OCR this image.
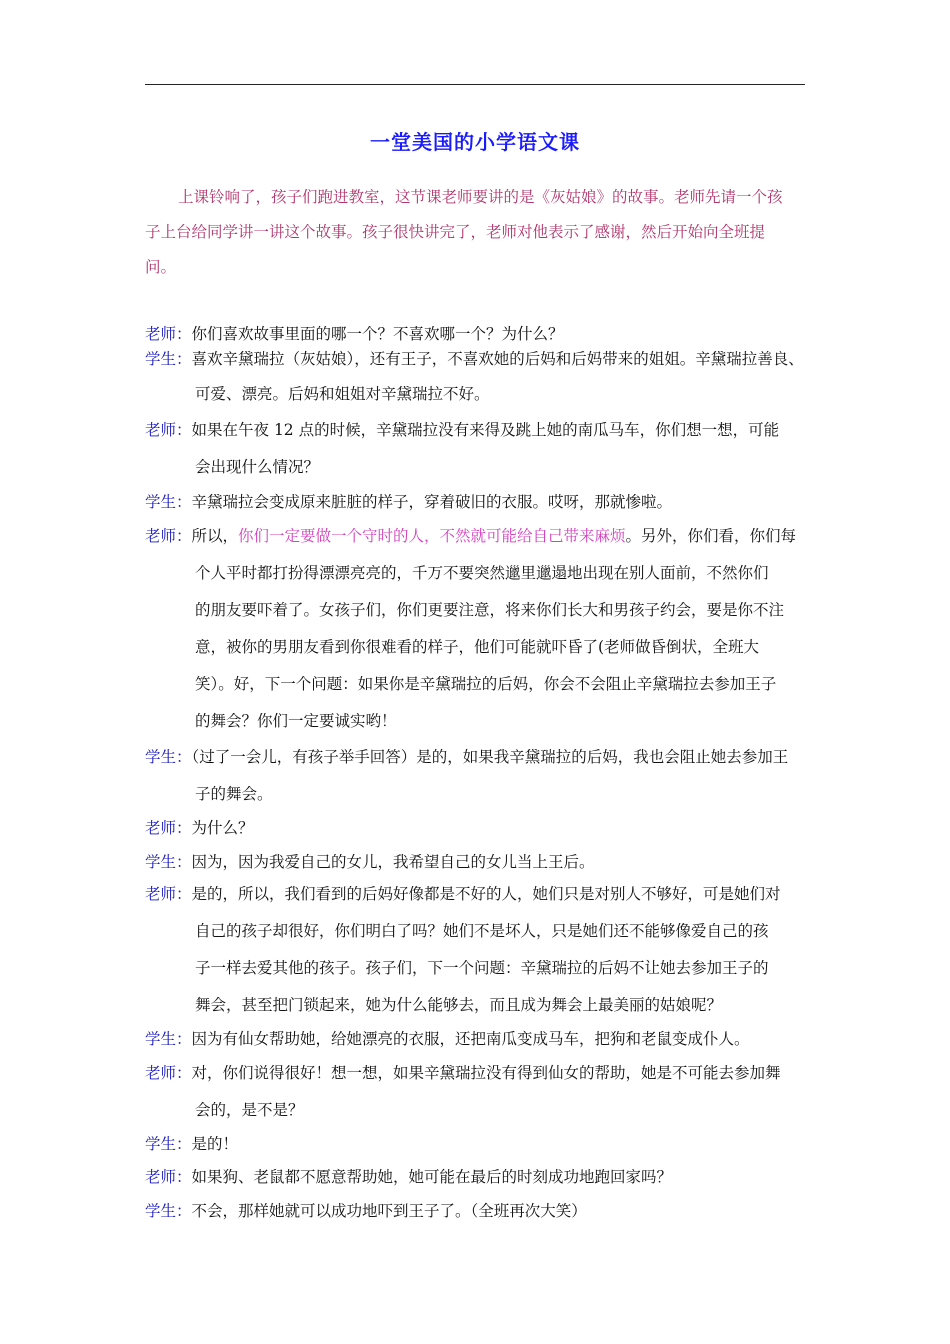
一堂美国的小学语文课
上课铃响了，孩子们跑进教室，这节课老师要讲的是《灰姑娘》的故事。老师先请一个孩
子上台给同学讲一讲这个故事。孩子很快讲完了，老师对他表示了感谢，然后开始向全班提
问。
老师：你们喜欢故事里面的哪一个？不喜欢哪一个？为什么？
学生：喜欢辛黛瑞拉（灰姑娘），还有王子，不喜欢她的后妈和后妈带来的姐姐。辛黛瑞拉善良、
可爱、漂亮。后妈和姐姐对辛黛瑞拉不好。
老师：如果在午夜 12 点的时候，辛黛瑞拉没有来得及跳上她的南瓜马车，你们想一想，可能
会出现什么情况？
学生：辛黛瑞拉会变成原来脏脏的样子，穿着破旧的衣服。哎呀，那就惨啦。
老师：所以，你们一定要做一个守时的人，不然就可能给自己带来麻烦。另外，你们看，你们每
个人平时都打扮得漂漂亮亮的，千万不要突然邋里邋遢地出现在别人面前，不然你们
的朋友要吓着了。女孩子们，你们更要注意，将来你们长大和男孩子约会，要是你不注
意，被你的男朋友看到你很难看的样子，他们可能就吓昏了(老师做昏倒状，全班大
笑）。好，下一个问题：如果你是辛黛瑞拉的后妈，你会不会阻止辛黛瑞拉去参加王子
的舞会？你们一定要诚实哟！
学生：（过了一会儿，有孩子举手回答）是的，如果我辛黛瑞拉的后妈，我也会阻止她去参加王
子的舞会。
老师：为什么？
学生：因为，因为我爱自己的女儿，我希望自己的女儿当上王后。
老师：是的，所以，我们看到的后妈好像都是不好的人，她们只是对别人不够好，可是她们对
自己的孩子却很好，你们明白了吗？她们不是坏人，只是她们还不能够像爱自己的孩
子一样去爱其他的孩子。孩子们，下一个问题：辛黛瑞拉的后妈不让她去参加王子的
舞会，甚至把门锁起来，她为什么能够去，而且成为舞会上最美丽的姑娘呢？
学生：因为有仙女帮助她，给她漂亮的衣服，还把南瓜变成马车，把狗和老鼠变成仆人。
老师：对，你们说得很好！想一想，如果辛黛瑞拉没有得到仙女的帮助，她是不可能去参加舞
会的，是不是？
学生：是的！
老师：如果狗、老鼠都不愿意帮助她，她可能在最后的时刻成功地跑回家吗？
学生：不会，那样她就可以成功地吓到王子了。（全班再次大笑）
